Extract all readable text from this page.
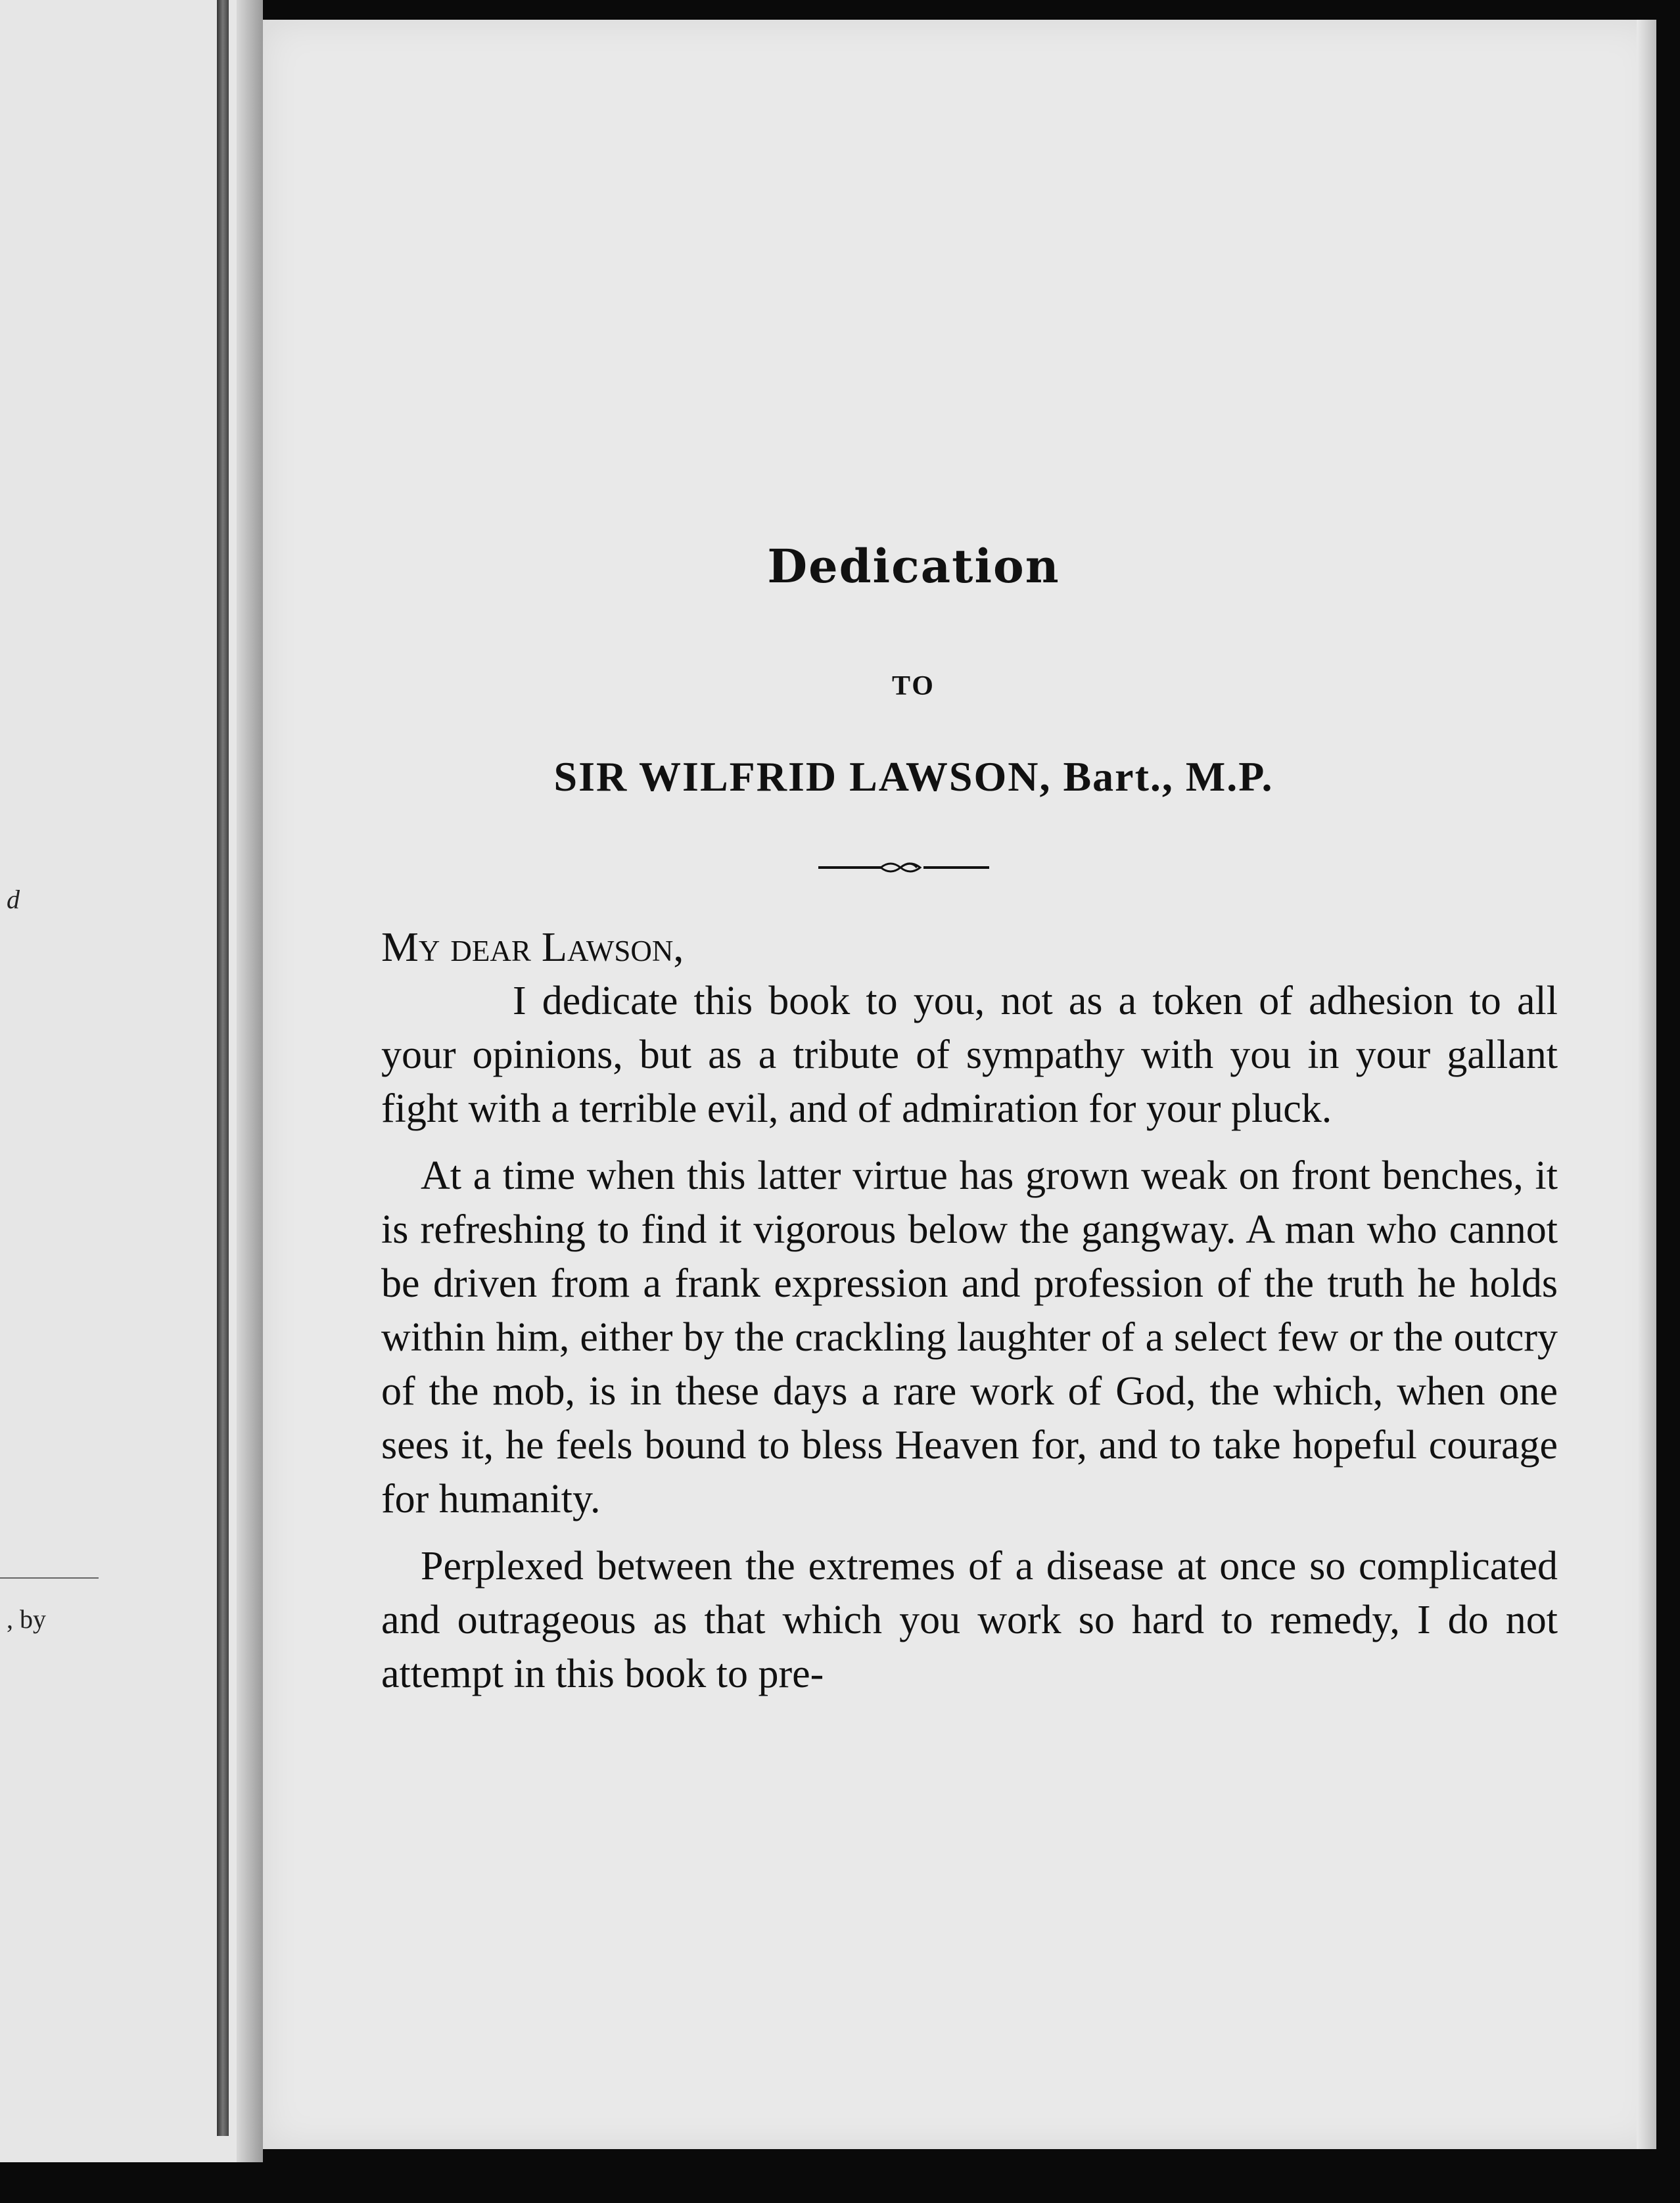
d
, by
Dedication
TO
SIR WILFRID LAWSON, Bart., M.P.
My dear Lawson,

I dedicate this book to you, not as a token of adhesion to all your opinions, but as a tribute of sympathy with you in your gallant fight with a terrible evil, and of admiration for your pluck.

At a time when this latter virtue has grown weak on front benches, it is refreshing to find it vigorous below the gangway. A man who cannot be driven from a frank expression and profession of the truth he holds within him, either by the crackling laughter of a select few or the outcry of the mob, is in these days a rare work of God, the which, when one sees it, he feels bound to bless Heaven for, and to take hopeful courage for humanity.

Perplexed between the extremes of a disease at once so complicated and outrageous as that which you work so hard to remedy, I do not attempt in this book to pre-
